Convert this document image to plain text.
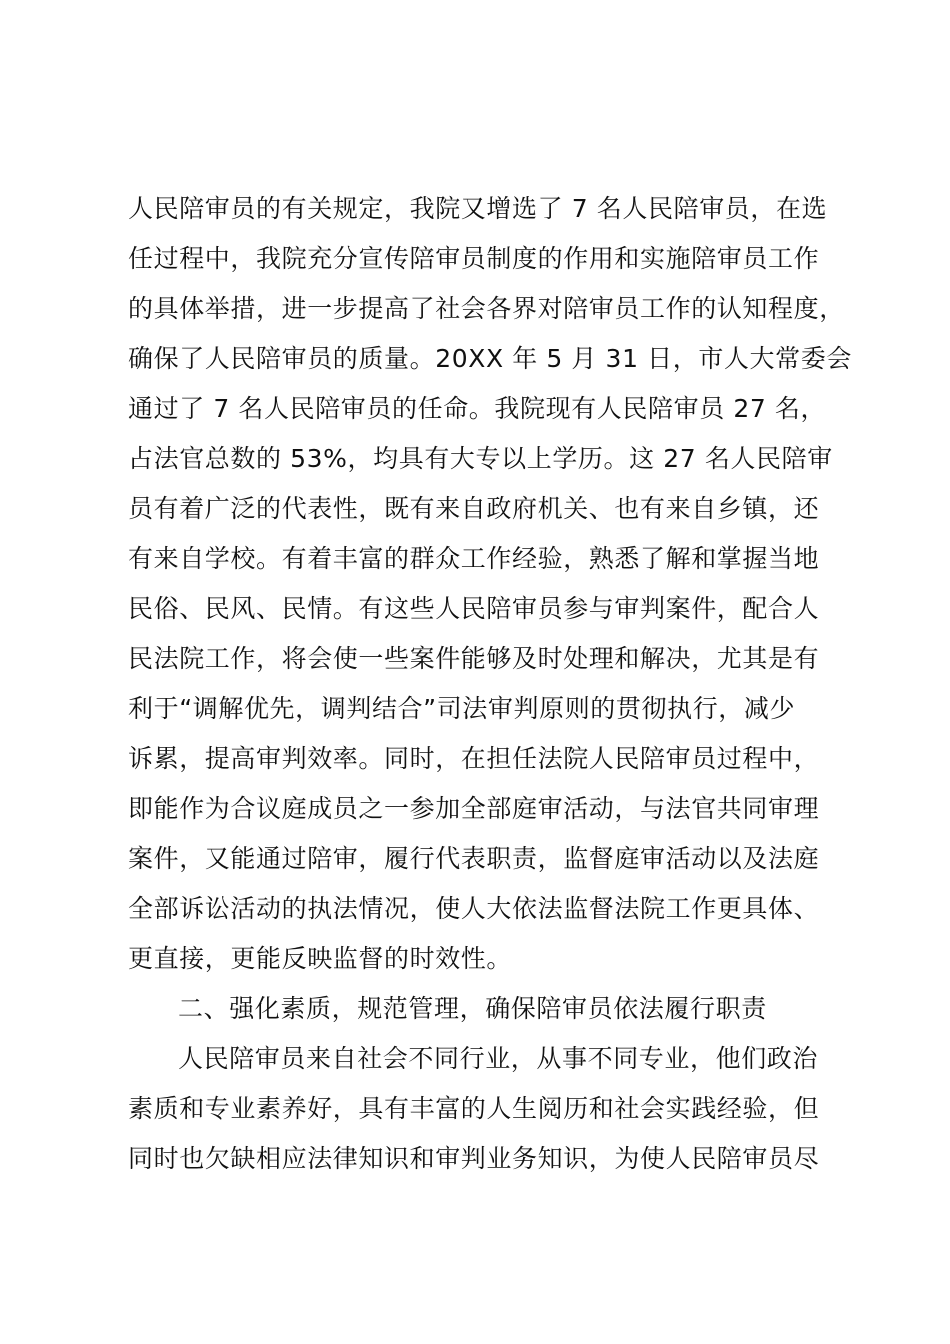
人民陪审员的有关规定，我院又增选了 7 名人民陪审员，在选
任过程中，我院充分宣传陪审员制度的作用和实施陪审员工作
的具体举措，进一步提高了社会各界对陪审员工作的认知程度，
确保了人民陪审员的质量。20XX 年 5 月 31 日，市人大常委会
通过了 7 名人民陪审员的任命。我院现有人民陪审员 27 名，
占法官总数的 53%，均具有大专以上学历。这 27 名人民陪审
员有着广泛的代表性，既有来自政府机关、也有来自乡镇，还
有来自学校。有着丰富的群众工作经验，熟悉了解和掌握当地
民俗、民风、民情。有这些人民陪审员参与审判案件，配合人
民法院工作，将会使一些案件能够及时处理和解决，尤其是有
利于“调解优先，调判结合”司法审判原则的贯彻执行，减少
诉累，提高审判效率。同时，在担任法院人民陪审员过程中，
即能作为合议庭成员之一参加全部庭审活动，与法官共同审理
案件，又能通过陪审，履行代表职责，监督庭审活动以及法庭
全部诉讼活动的执法情况，使人大依法监督法院工作更具体、
更直接，更能反映监督的时效性。
二、强化素质，规范管理，确保陪审员依法履行职责
人民陪审员来自社会不同行业，从事不同专业，他们政治
素质和专业素养好，具有丰富的人生阅历和社会实践经验，但
同时也欠缺相应法律知识和审判业务知识，为使人民陪审员尽
